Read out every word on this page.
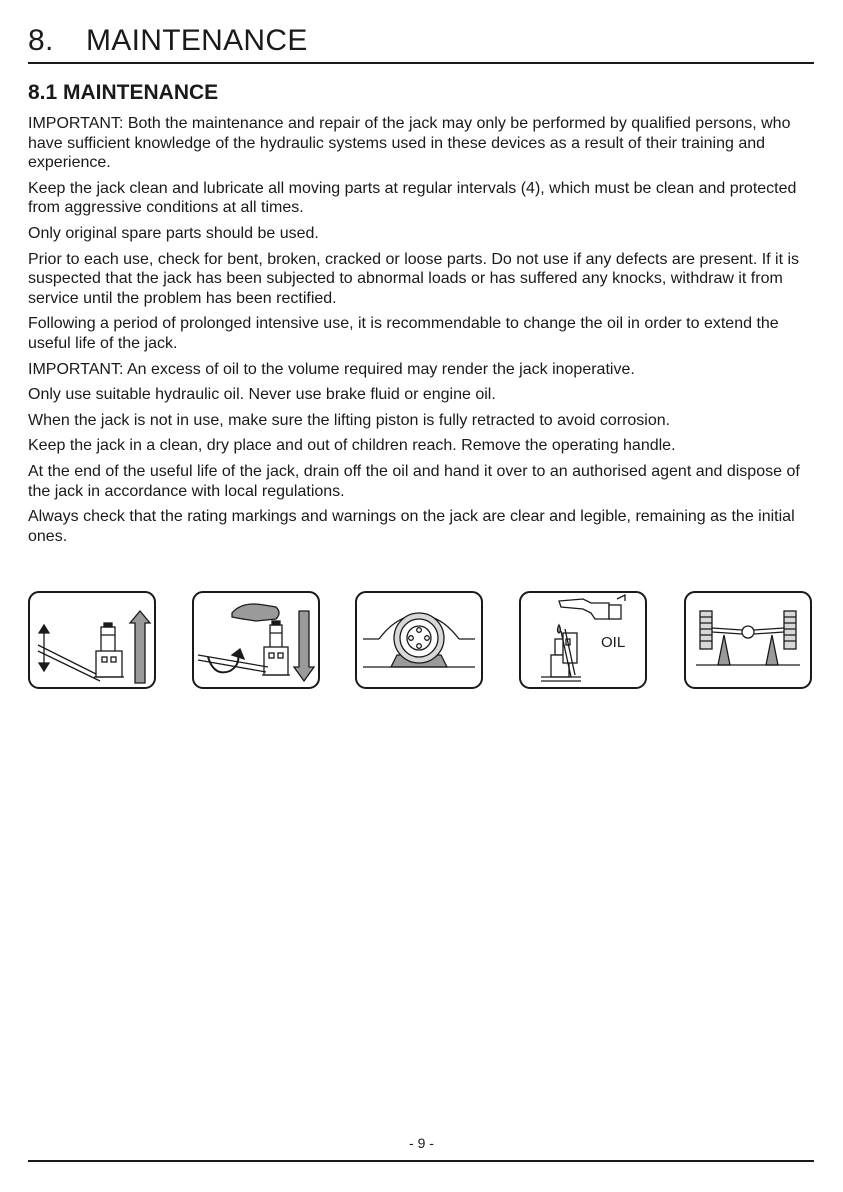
8. MAINTENANCE
8.1 MAINTENANCE

IMPORTANT: Both the maintenance and repair of the jack may only be performed by qualified persons, who have sufficient knowledge of the hydraulic systems used in these devices as a result of their training and experience.

Keep the jack clean and lubricate all moving parts at regular intervals (4), which must be clean and protected from aggressive conditions at all times.

Only original spare parts should be used.

Prior to each use, check for bent, broken, cracked or loose parts. Do not use if any defects are present. If it is suspected that the jack has been subjected to abnormal loads or has suffered any knocks, withdraw it from service until the problem has been rectified.

Following a period of prolonged intensive use, it is recommendable to change the oil in order to extend the useful life of the jack.

IMPORTANT: An excess of oil to the volume required may render the jack inoperative.

Only use suitable hydraulic oil. Never use brake fluid or engine oil.

When the jack is not in use, make sure the lifting piston is fully retracted to avoid corrosion.

Keep the jack in a clean, dry place and out of children reach. Remove the operating handle.

At the end of the useful life of the jack, drain off the oil and hand it over to an authorised agent and dispose of the jack in accordance with local regulations.

Always check that the rating markings and warnings on the jack are clear and legible, remaining as the initial ones.

OIL
- 9 -
